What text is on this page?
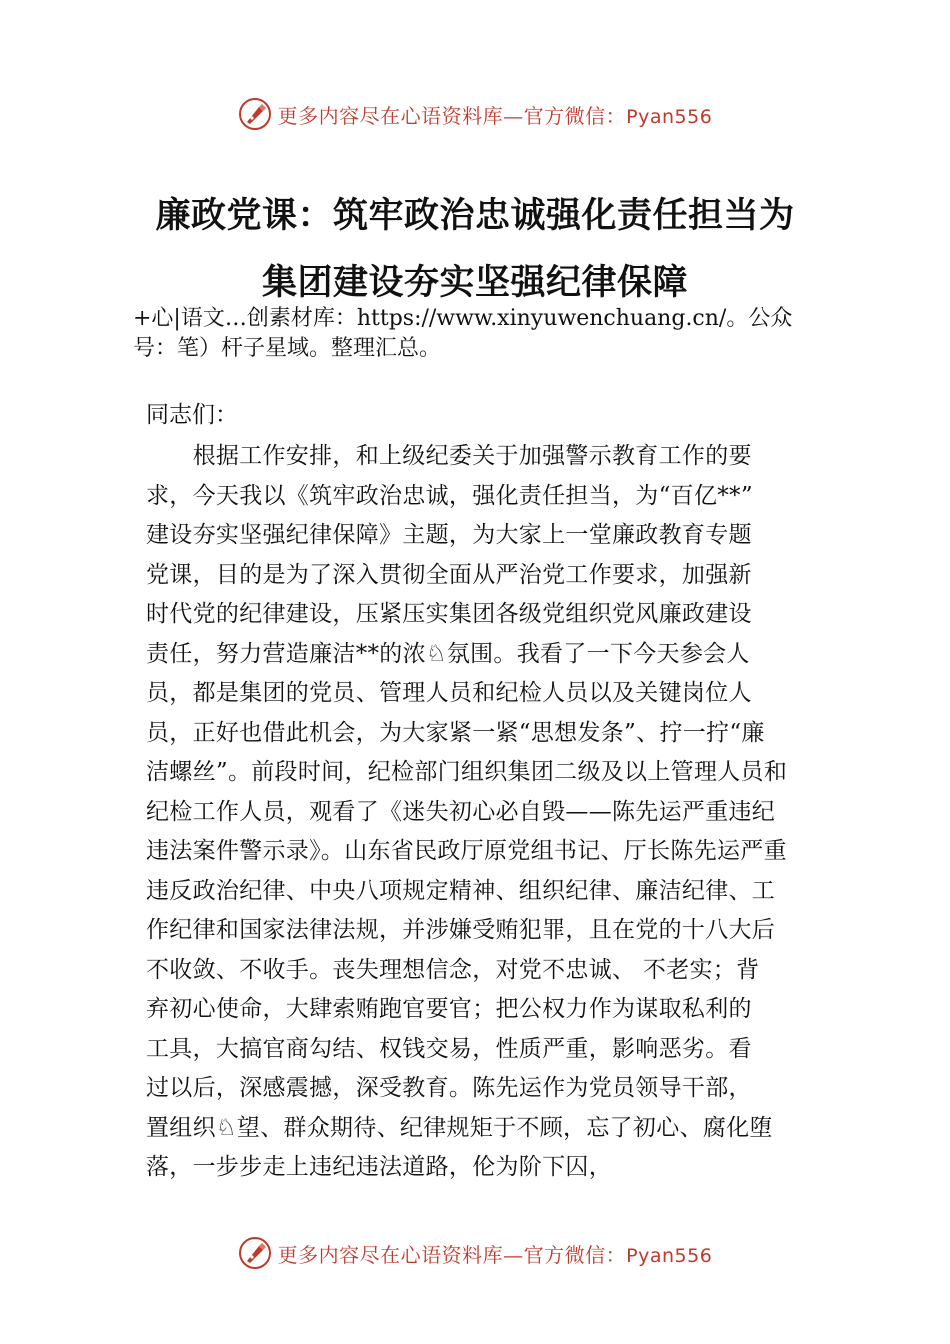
更多内容尽在心语资料库—官方微信：Pyan556
廉政党课：筑牢政治忠诚强化责任担当为
集团建设夯实坚强纪律保障
+心|语文…创素材库：https://www.xinyuwenchuang.cn/。公众号：笔）杆子星域。整理汇总。
同志们：
　　根据工作安排，和上级纪委关于加强警示教育工作的要
求，今天我以《筑牢政治忠诚，强化责任担当，为“百亿**”
建设夯实坚强纪律保障》主题，为大家上一堂廉政教育专题
党课，目的是为了深入贯彻全面从严治党工作要求，加强新
时代党的纪律建设，压紧压实集团各级党组织党风廉政建设
责任，努力营造廉洁**的浓♘氛围。我看了一下今天参会人
员，都是集团的党员、管理人员和纪检人员以及关键岗位人
员，正好也借此机会，为大家紧一紧“思想发条”、拧一拧“廉
洁螺丝”。前段时间，纪检部门组织集团二级及以上管理人员和
纪检工作人员，观看了《迷失初心必自毁——陈先运严重违纪
违法案件警示录》。山东省民政厅原党组书记、厅长陈先运严重
违反政治纪律、中央八项规定精神、组织纪律、廉洁纪律、工
作纪律和国家法律法规，并涉嫌受贿犯罪，且在党的十八大后
不收敛、不收手。丧失理想信念，对党不忠诚、 不老实；背
弃初心使命，大肆索贿跑官要官；把公权力作为谋取私利的
工具，大搞官商勾结、权钱交易，性质严重，影响恶劣。看
过以后，深感震撼，深受教育。陈先运作为党员领导干部，
置组织♘望、群众期待、纪律规矩于不顾，忘了初心、腐化堕
落，一步步走上违纪违法道路，伦为阶下囚，
更多内容尽在心语资料库—官方微信：Pyan556
